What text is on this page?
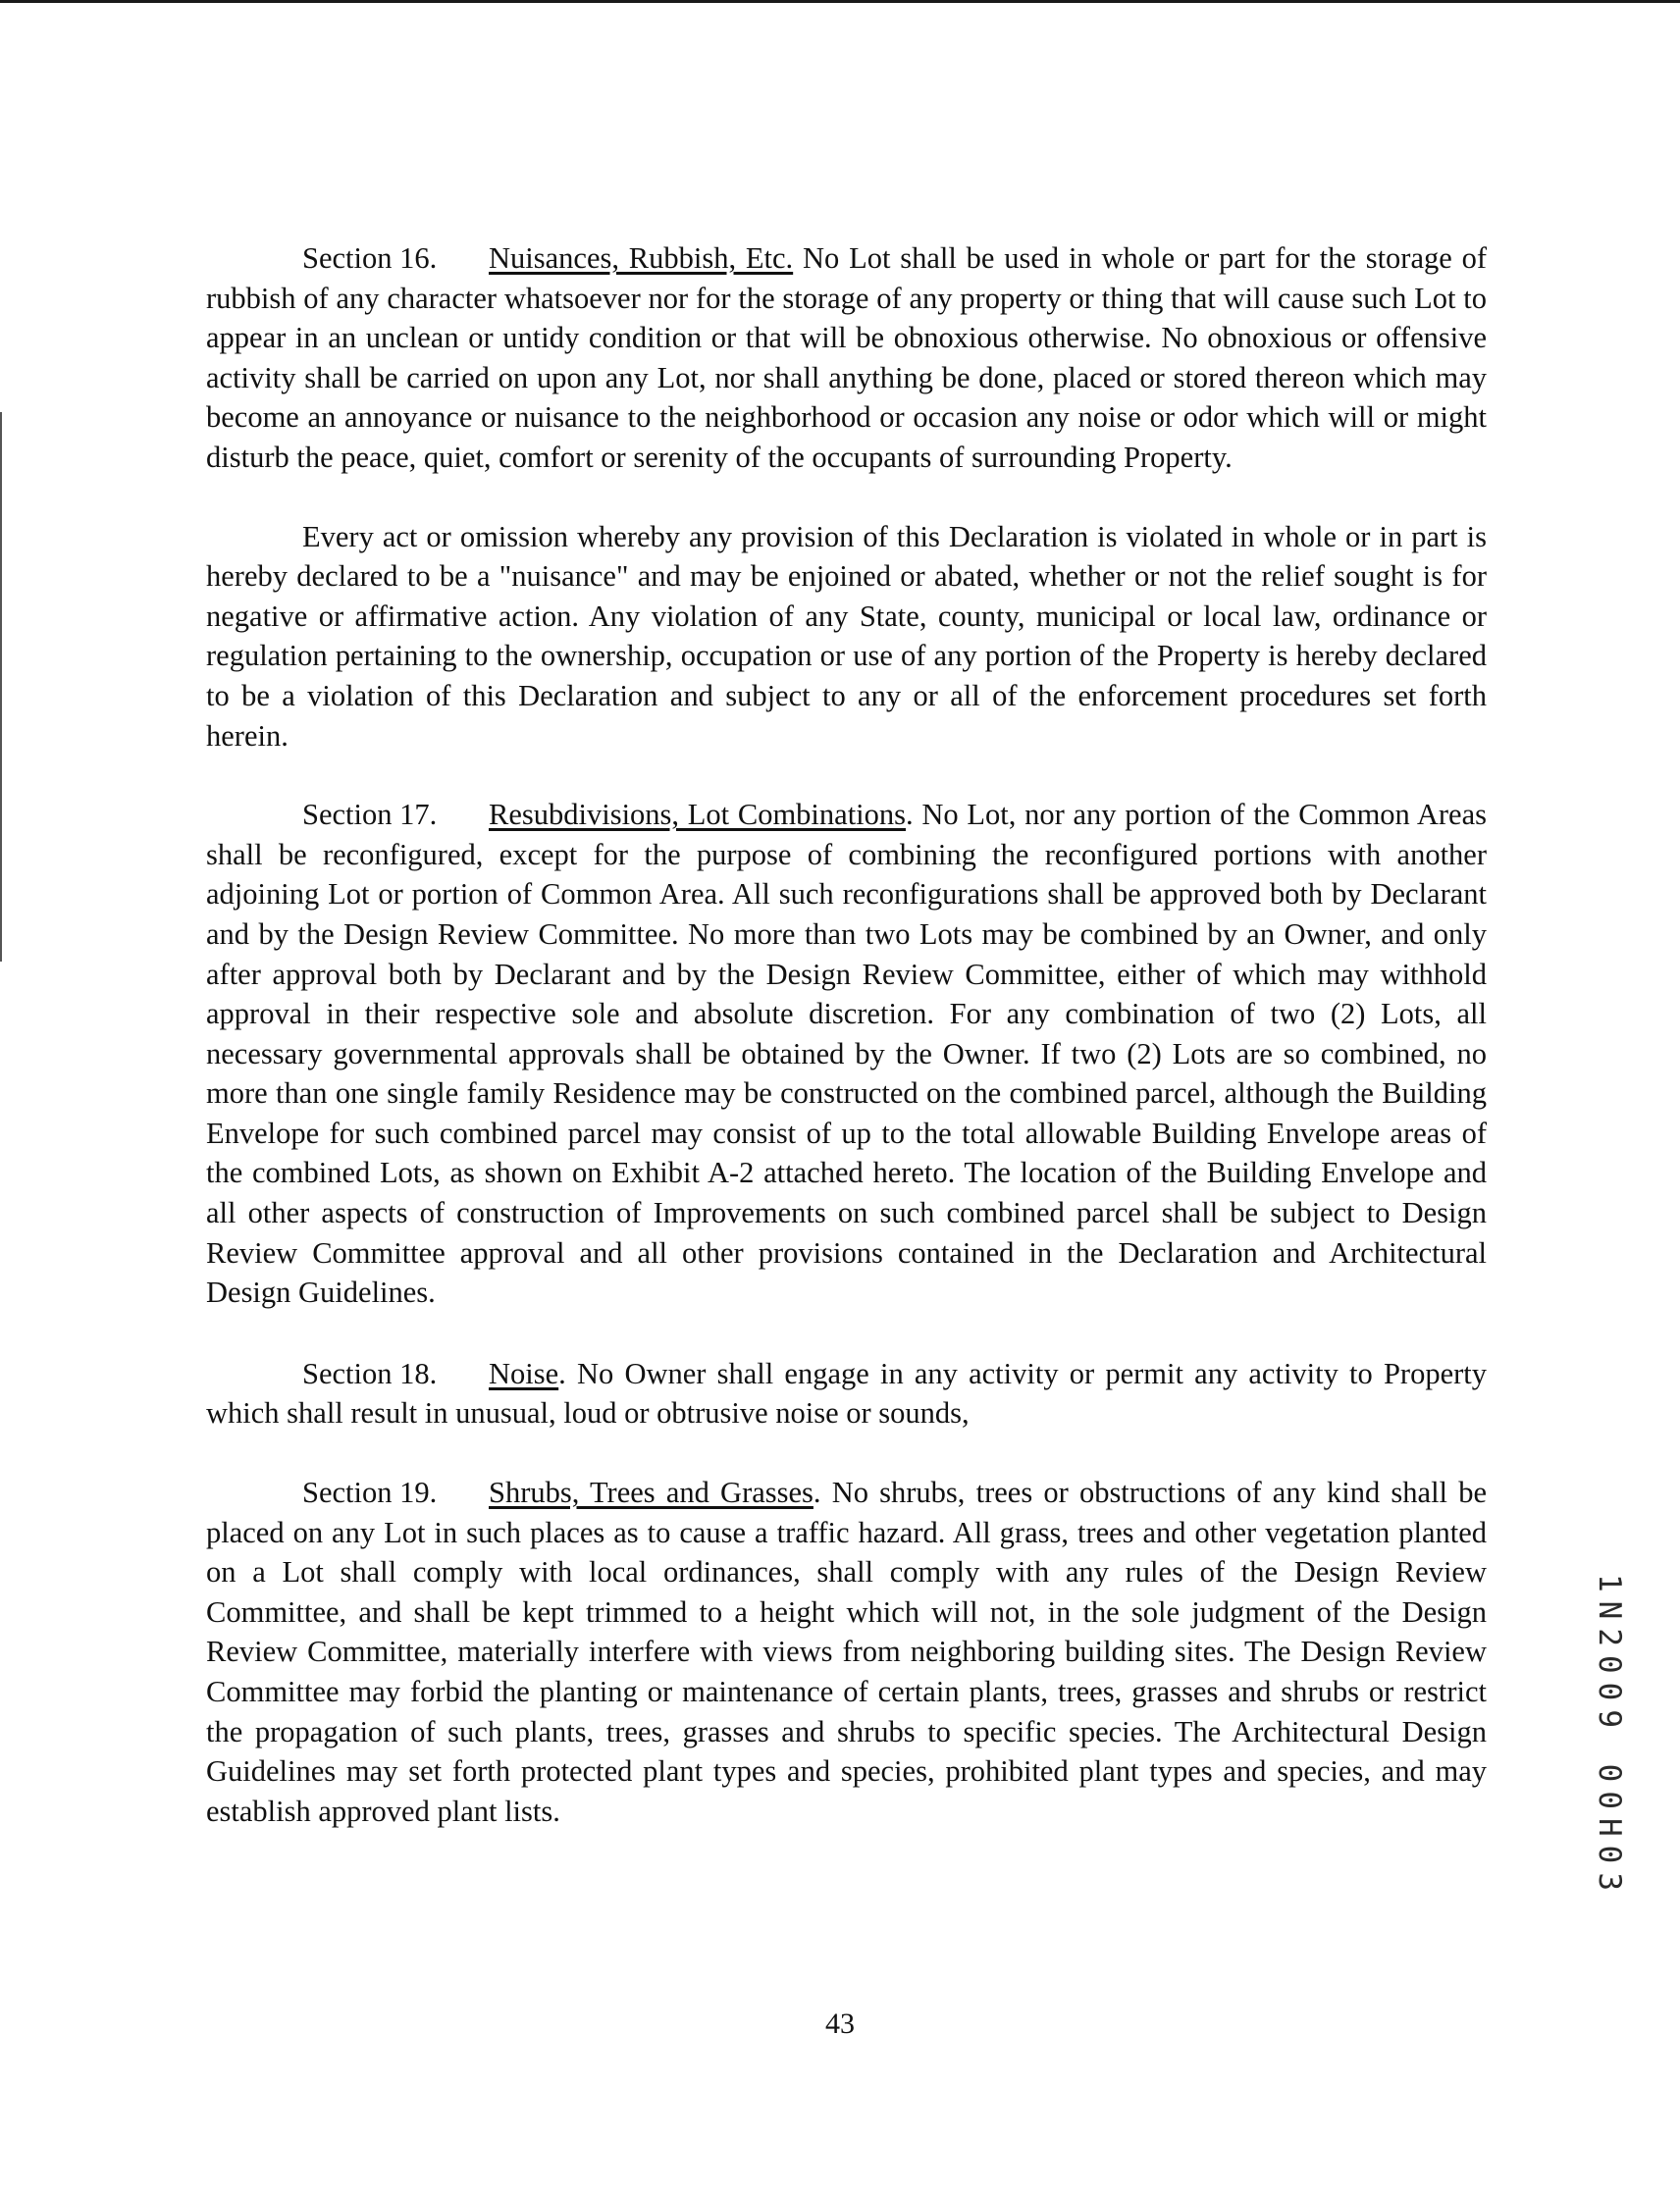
Section 16. Nuisances, Rubbish, Etc. No Lot shall be used in whole or part for the storage of rubbish of any character whatsoever nor for the storage of any property or thing that will cause such Lot to appear in an unclean or untidy condition or that will be obnoxious otherwise. No obnoxious or offensive activity shall be carried on upon any Lot, nor shall anything be done, placed or stored thereon which may become an annoyance or nuisance to the neighborhood or occasion any noise or odor which will or might disturb the peace, quiet, comfort or serenity of the occupants of surrounding Property.

Every act or omission whereby any provision of this Declaration is violated in whole or in part is hereby declared to be a "nuisance" and may be enjoined or abated, whether or not the relief sought is for negative or affirmative action. Any violation of any State, county, municipal or local law, ordinance or regulation pertaining to the ownership, occupation or use of any portion of the Property is hereby declared to be a violation of this Declaration and subject to any or all of the enforcement procedures set forth herein.

Section 17. Resubdivisions, Lot Combinations. No Lot, nor any portion of the Common Areas shall be reconfigured, except for the purpose of combining the reconfigured portions with another adjoining Lot or portion of Common Area. All such reconfigurations shall be approved both by Declarant and by the Design Review Committee. No more than two Lots may be combined by an Owner, and only after approval both by Declarant and by the Design Review Committee, either of which may withhold approval in their respective sole and absolute discretion. For any combination of two (2) Lots, all necessary governmental approvals shall be obtained by the Owner. If two (2) Lots are so combined, no more than one single family Residence may be constructed on the combined parcel, although the Building Envelope for such combined parcel may consist of up to the total allowable Building Envelope areas of the combined Lots, as shown on Exhibit A-2 attached hereto. The location of the Building Envelope and all other aspects of construction of Improvements on such combined parcel shall be subject to Design Review Committee approval and all other provisions contained in the Declaration and Architectural Design Guidelines.

Section 18. Noise. No Owner shall engage in any activity or permit any activity to Property which shall result in unusual, loud or obtrusive noise or sounds,

Section 19. Shrubs, Trees and Grasses. No shrubs, trees or obstructions of any kind shall be placed on any Lot in such places as to cause a traffic hazard. All grass, trees and other vegetation planted on a Lot shall comply with local ordinances, shall comply with any rules of the Design Review Committee, and shall be kept trimmed to a height which will not, in the sole judgment of the Design Review Committee, materially interfere with views from neighboring building sites. The Design Review Committee may forbid the planting or maintenance of certain plants, trees, grasses and shrubs or restrict the propagation of such plants, trees, grasses and shrubs to specific species. The Architectural Design Guidelines may set forth protected plant types and species, prohibited plant types and species, and may establish approved plant lists.

43
1N2009 00H03
